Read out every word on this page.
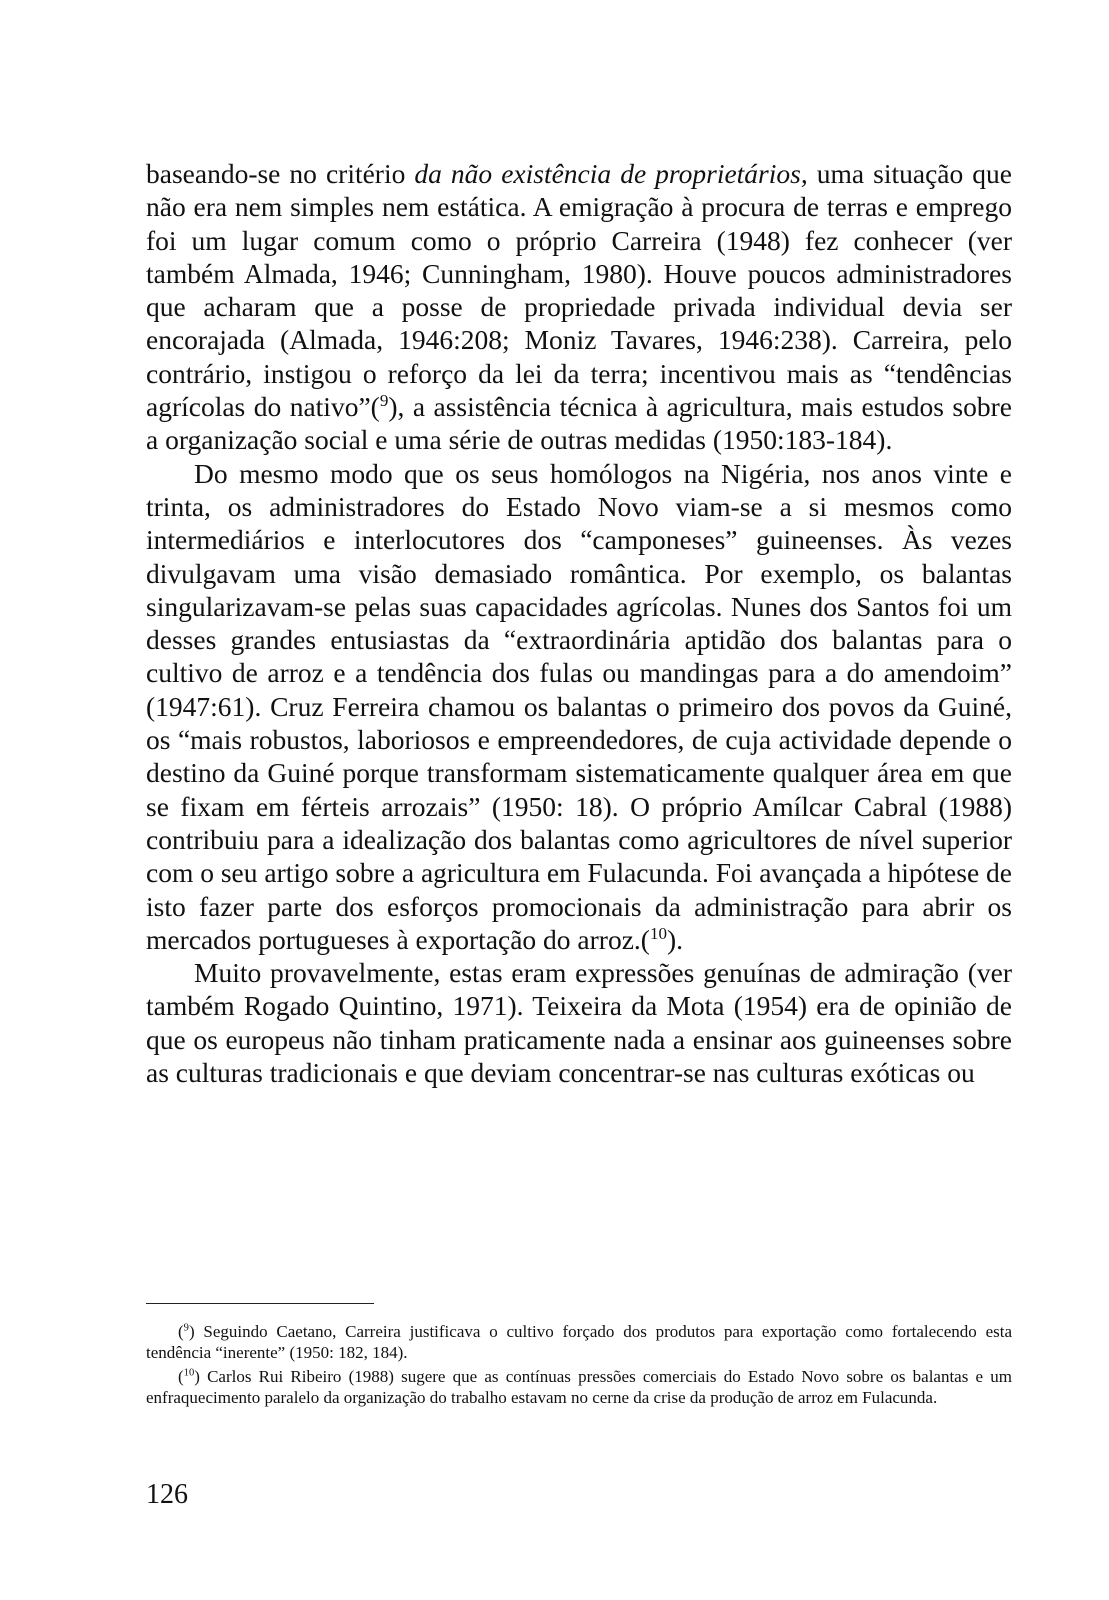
baseando-se no critério da não existência de proprietários, uma situação que não era nem simples nem estática. A emigração à procura de terras e emprego foi um lugar comum como o próprio Carreira (1948) fez conhecer (ver também Almada, 1946; Cunningham, 1980). Houve poucos administradores que acharam que a posse de propriedade privada individual devia ser encorajada (Almada, 1946:208; Moniz Tavares, 1946:238). Carreira, pelo contrário, instigou o reforço da lei da terra; incentivou mais as “tendências agrícolas do nativo”($^9$), a assistência técnica à agricultura, mais estudos sobre a organização social e uma série de outras medidas (1950:183-184).

Do mesmo modo que os seus homólogos na Nigéria, nos anos vinte e trinta, os administradores do Estado Novo viam-se a si mesmos como intermediários e interlocutores dos “camponeses” guineenses. Às vezes divulgavam uma visão demasiado romântica. Por exemplo, os balantas singularizavam-se pelas suas capacidades agrícolas. Nunes dos Santos foi um desses grandes entusiastas da “extraordinária aptidão dos balantas para o cultivo de arroz e a tendência dos fulas ou mandingas para a do amendoim” (1947:61). Cruz Ferreira chamou os balantas o primeiro dos povos da Guiné, os “mais robustos, laboriosos e empreendedores, de cuja actividade depende o destino da Guiné porque transformam sistematicamente qualquer área em que se fixam em férteis arrozais” (1950: 18). O próprio Amílcar Cabral (1988) contribuiu para a idealização dos balantas como agricultores de nível superior com o seu artigo sobre a agricultura em Fulacunda. Foi avançada a hipótese de isto fazer parte dos esforços promocionais da administração para abrir os mercados portugueses à exportação do arroz.($^{10}$).

Muito provavelmente, estas eram expressões genuínas de admiração (ver também Rogado Quintino, 1971). Teixeira da Mota (1954) era de opinião de que os europeus não tinham praticamente nada a ensinar aos guineenses sobre as culturas tradicionais e que deviam concentrar-se nas culturas exóticas ou

($^9$) Seguindo Caetano, Carreira justificava o cultivo forçado dos produtos para exportação como fortalecendo esta tendência “inerente” (1950: 182, 184).

($^{10}$) Carlos Rui Ribeiro (1988) sugere que as contínuas pressões comerciais do Estado Novo sobre os balantas e um enfraquecimento paralelo da organização do trabalho estavam no cerne da crise da produção de arroz em Fulacunda.

126
